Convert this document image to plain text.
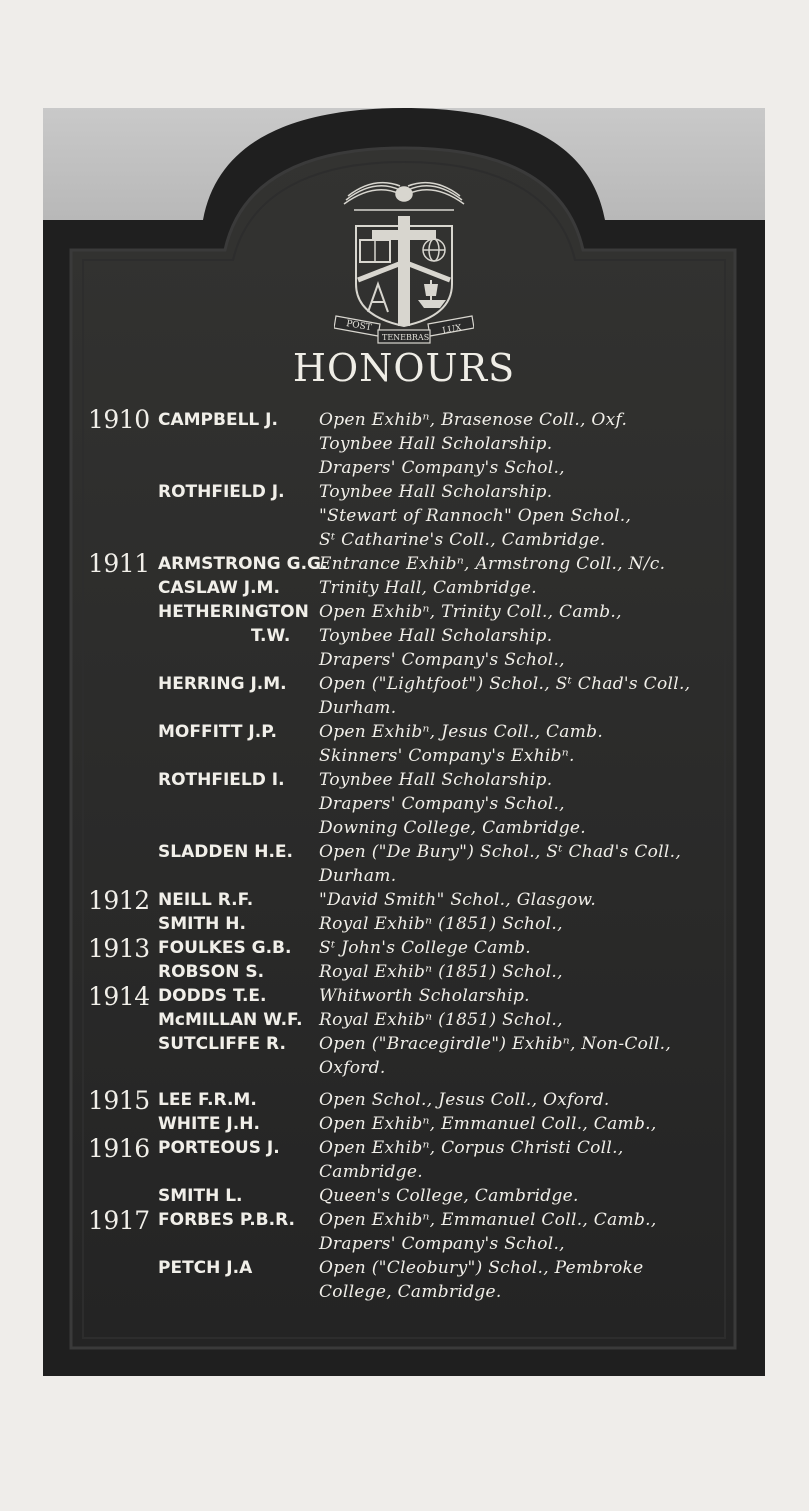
POST	LUX
TENEBRAS
HONOURS
1910
1911
1912
1913
1914
1915
1916
1917
CAMPBELL J.
ROTHFIELD J.
ARMSTRONG G.G.
CASLAW J.M.
HETHERINGTON
T.W.
HERRING J.M.
MOFFITT J.P.
ROTHFIELD I.
SLADDEN H.E.
NEILL R.F.
SMITH H.
FOULKES G.B.
ROBSON S.
DODDS T.E.
McMILLAN W.F.
SUTCLIFFE R.
LEE F.R.M.
WHITE J.H.
PORTEOUS J.
SMITH L.
FORBES P.B.R.
PETCH J.A
Open Exhibⁿ, Brasenose Coll., Oxf.
Toynbee Hall Scholarship.
Drapers' Company's Schol.,
Toynbee Hall Scholarship.
"Stewart of Rannoch" Open Schol.,
Sᵗ Catharine's Coll., Cambridge.
Entrance Exhibⁿ, Armstrong Coll., N/c.
Trinity Hall, Cambridge.
Open Exhibⁿ, Trinity Coll., Camb.,
Toynbee Hall Scholarship.
Drapers' Company's Schol.,
Open ("Lightfoot") Schol., Sᵗ Chad's Coll.,
Durham.
Open Exhibⁿ, Jesus Coll., Camb.
Skinners' Company's Exhibⁿ.
Toynbee Hall Scholarship.
Drapers' Company's Schol.,
Downing College, Cambridge.
Open ("De Bury") Schol., Sᵗ Chad's Coll.,
Durham.
"David Smith" Schol., Glasgow.
Royal Exhibⁿ (1851) Schol.,
Sᵗ John's College Camb.
Royal Exhibⁿ (1851) Schol.,
Whitworth Scholarship.
Royal Exhibⁿ (1851) Schol.,
Open ("Bracegirdle") Exhibⁿ, Non-Coll.,
Oxford.
Open Schol., Jesus Coll., Oxford.
Open Exhibⁿ, Emmanuel Coll., Camb.,
Open Exhibⁿ, Corpus Christi Coll.,
Cambridge.
Queen's College, Cambridge.
Open Exhibⁿ, Emmanuel Coll., Camb.,
Drapers' Company's Schol.,
Open ("Cleobury") Schol., Pembroke
College, Cambridge.
